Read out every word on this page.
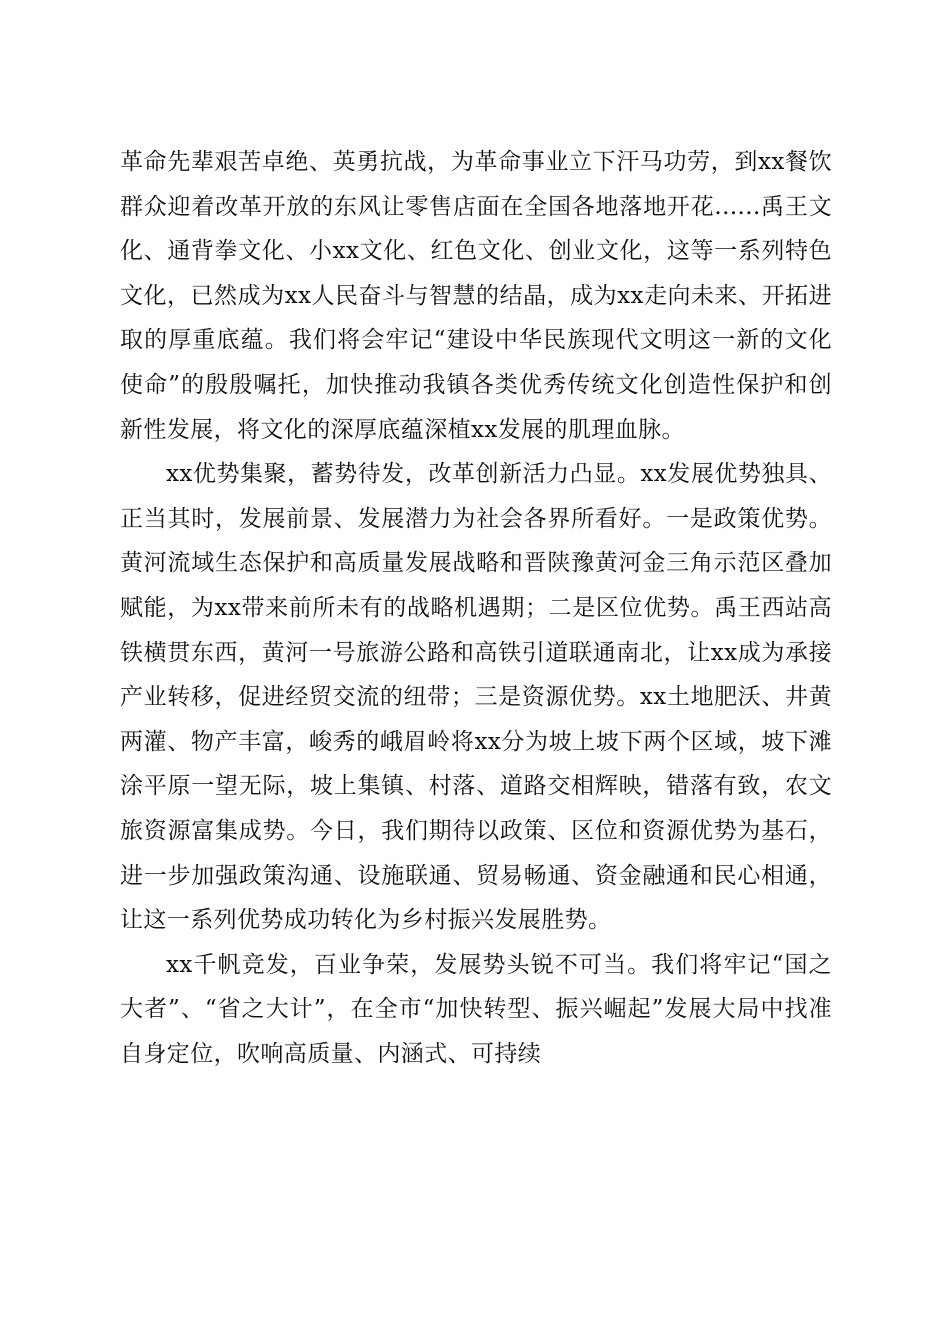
革命先辈艰苦卓绝、英勇抗战，为革命事业立下汗马功劳，到xx餐饮群众迎着改革开放的东风让零售店面在全国各地落地开花......禹王文化、通背拳文化、小xx文化、红色文化、创业文化，这等一系列特色文化，已然成为xx人民奋斗与智慧的结晶，成为xx走向未来、开拓进取的厚重底蕴。我们将会牢记“建设中华民族现代文明这一新的文化使命”的殷殷嘱托，加快推动我镇各类优秀传统文化创造性保护和创新性发展，将文化的深厚底蕴深植xx发展的肌理血脉。

xx优势集聚，蓄势待发，改革创新活力凸显。xx发展优势独具、正当其时，发展前景、发展潜力为社会各界所看好。一是政策优势。黄河流域生态保护和高质量发展战略和晋陕豫黄河金三角示范区叠加赋能，为xx带来前所未有的战略机遇期；二是区位优势。禹王西站高铁横贯东西，黄河一号旅游公路和高铁引道联通南北，让xx成为承接产业转移，促进经贸交流的纽带；三是资源优势。xx土地肥沃、井黄两灌、物产丰富，峻秀的峨眉岭将xx分为坡上坡下两个区域，坡下滩涂平原一望无际，坡上集镇、村落、道路交相辉映，错落有致，农文旅资源富集成势。今日，我们期待以政策、区位和资源优势为基石，进一步加强政策沟通、设施联通、贸易畅通、资金融通和民心相通，让这一系列优势成功转化为乡村振兴发展胜势。

xx千帆竞发，百业争荣，发展势头锐不可当。我们将牢记“国之大者”、“省之大计”，在全市“加快转型、振兴崛起”发展大局中找准自身定位，吹响高质量、内涵式、可持续
